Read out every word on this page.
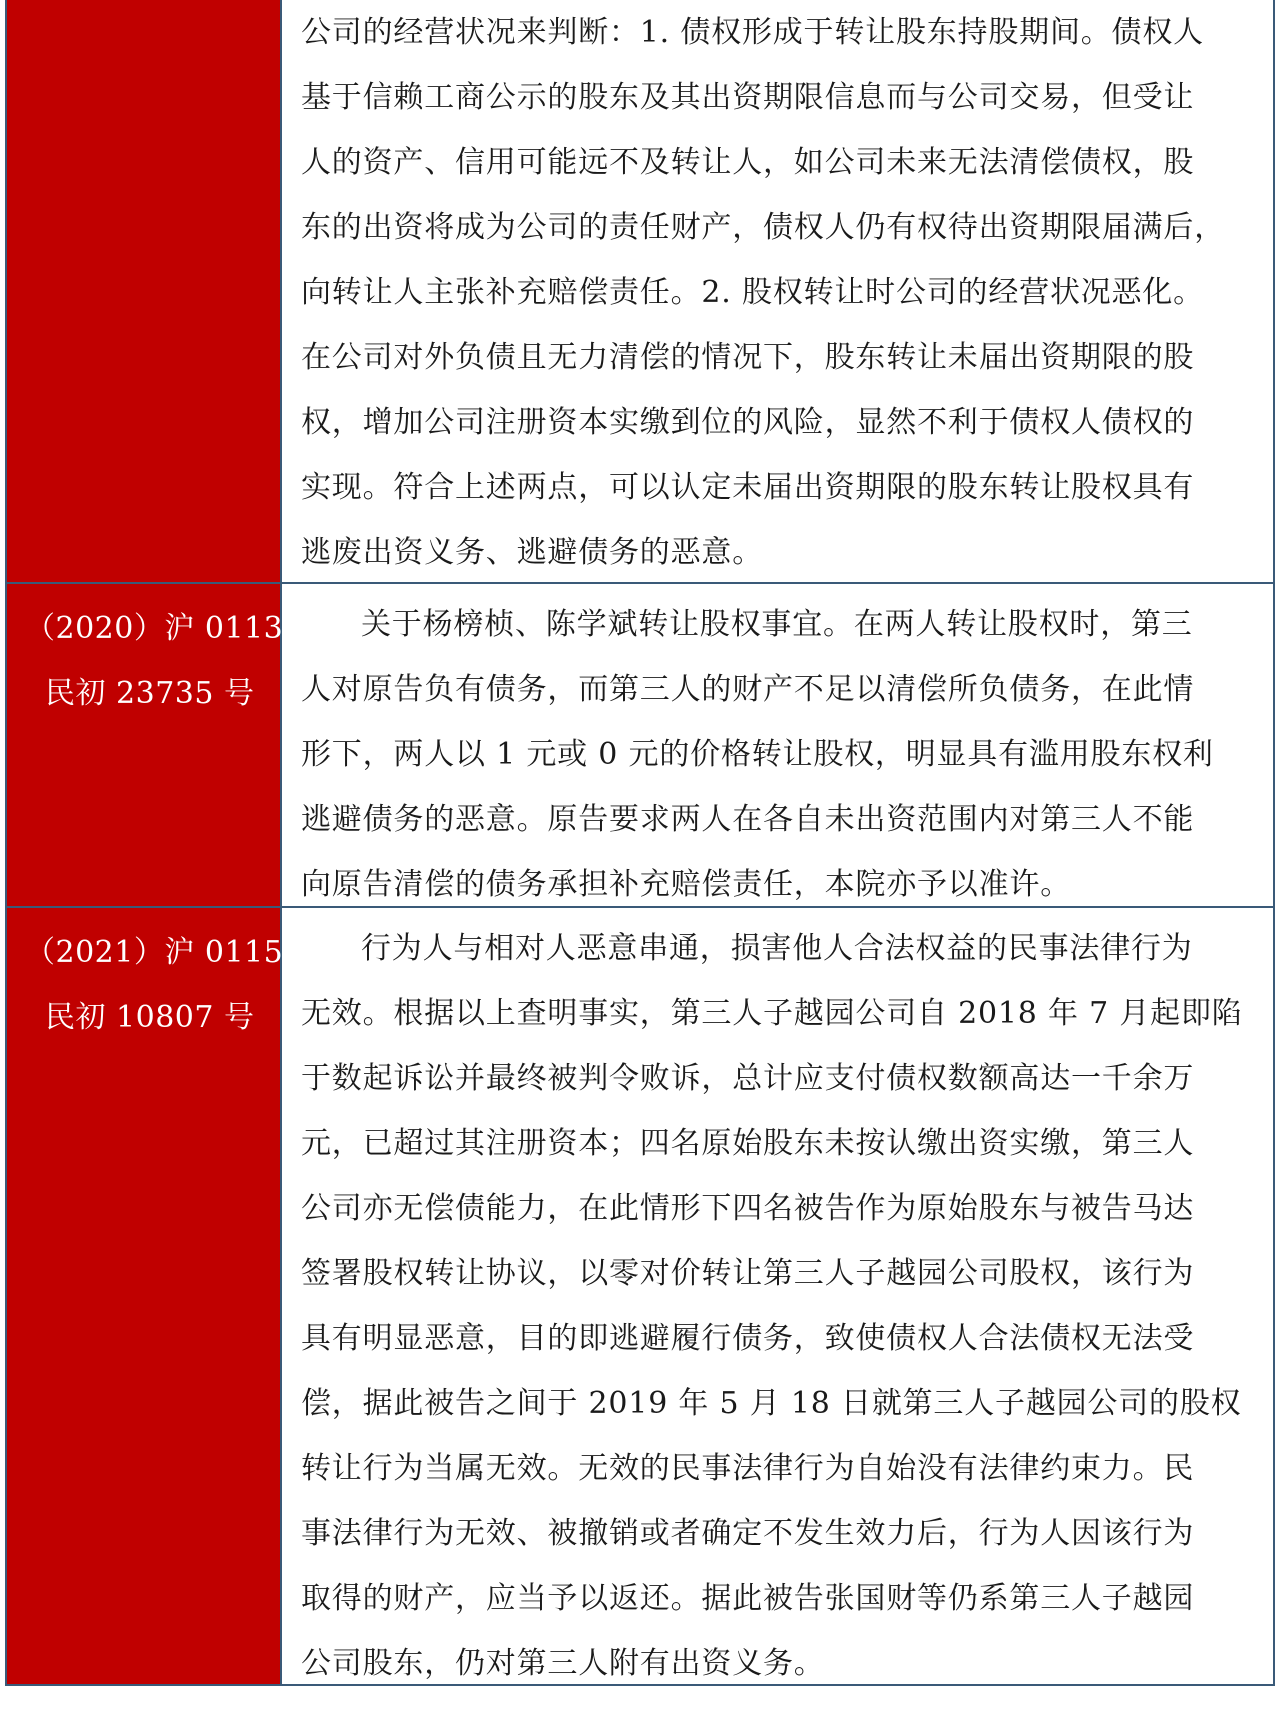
公司的经营状况来判断：1. 债权形成于转让股东持股期间。债权人
基于信赖工商公示的股东及其出资期限信息而与公司交易，但受让
人的资产、信用可能远不及转让人，如公司未来无法清偿债权，股
东的出资将成为公司的责任财产，债权人仍有权待出资期限届满后，
向转让人主张补充赔偿责任。2. 股权转让时公司的经营状况恶化。
在公司对外负债且无力清偿的情况下，股东转让未届出资期限的股
权，增加公司注册资本实缴到位的风险，显然不利于债权人债权的
实现。符合上述两点，可以认定未届出资期限的股东转让股权具有
逃废出资义务、逃避债务的恶意。
（2020）沪 0113
民初 23735 号
关于杨榜桢、陈学斌转让股权事宜。在两人转让股权时，第三
人对原告负有债务，而第三人的财产不足以清偿所负债务，在此情
形下，两人以 1 元或 0 元的价格转让股权，明显具有滥用股东权利
逃避债务的恶意。原告要求两人在各自未出资范围内对第三人不能
向原告清偿的债务承担补充赔偿责任，本院亦予以准许。
（2021）沪 0115
民初 10807 号
行为人与相对人恶意串通，损害他人合法权益的民事法律行为
无效。根据以上查明事实，第三人子越园公司自 2018 年 7 月起即陷
于数起诉讼并最终被判令败诉，总计应支付债权数额高达一千余万
元，已超过其注册资本；四名原始股东未按认缴出资实缴，第三人
公司亦无偿债能力，在此情形下四名被告作为原始股东与被告马达
签署股权转让协议，以零对价转让第三人子越园公司股权，该行为
具有明显恶意，目的即逃避履行债务，致使债权人合法债权无法受
偿，据此被告之间于 2019 年 5 月 18 日就第三人子越园公司的股权
转让行为当属无效。无效的民事法律行为自始没有法律约束力。民
事法律行为无效、被撤销或者确定不发生效力后，行为人因该行为
取得的财产，应当予以返还。据此被告张国财等仍系第三人子越园
公司股东，仍对第三人附有出资义务。
